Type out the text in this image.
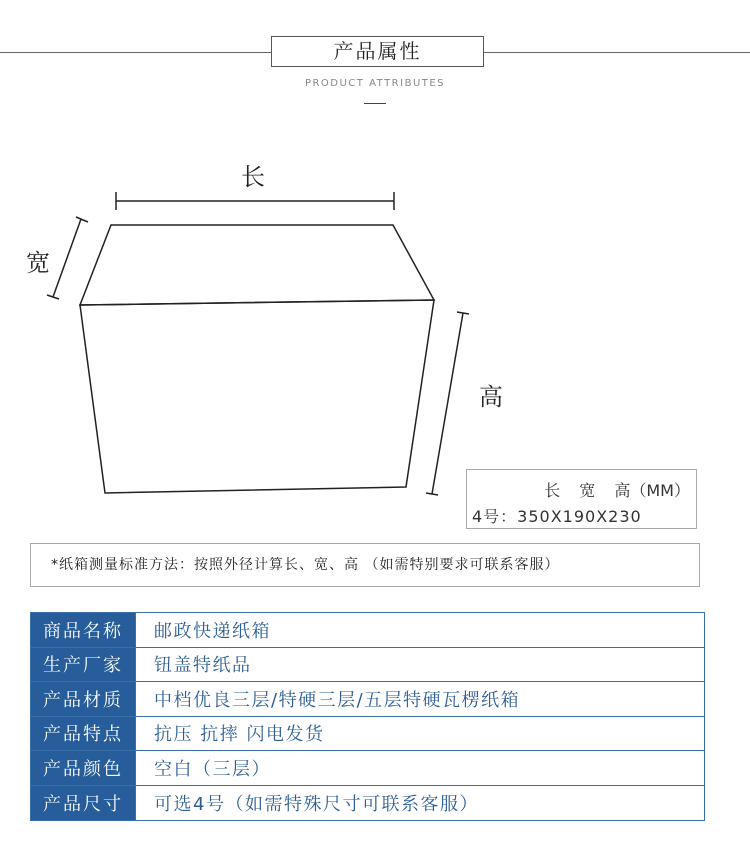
产品属性
PRODUCT ATTRIBUTES
长
宽
高
长 宽 高（MM）
4号：350X190X230
*纸箱测量标准方法：按照外径计算长、宽、高 （如需特别要求可联系客服）
商品名称	邮政快递纸箱
生产厂家	钮盖特纸品
产品材质	中档优良三层/特硬三层/五层特硬瓦楞纸箱
产品特点	抗压 抗摔 闪电发货
产品颜色	空白（三层）
产品尺寸	可选4号（如需特殊尺寸可联系客服）
